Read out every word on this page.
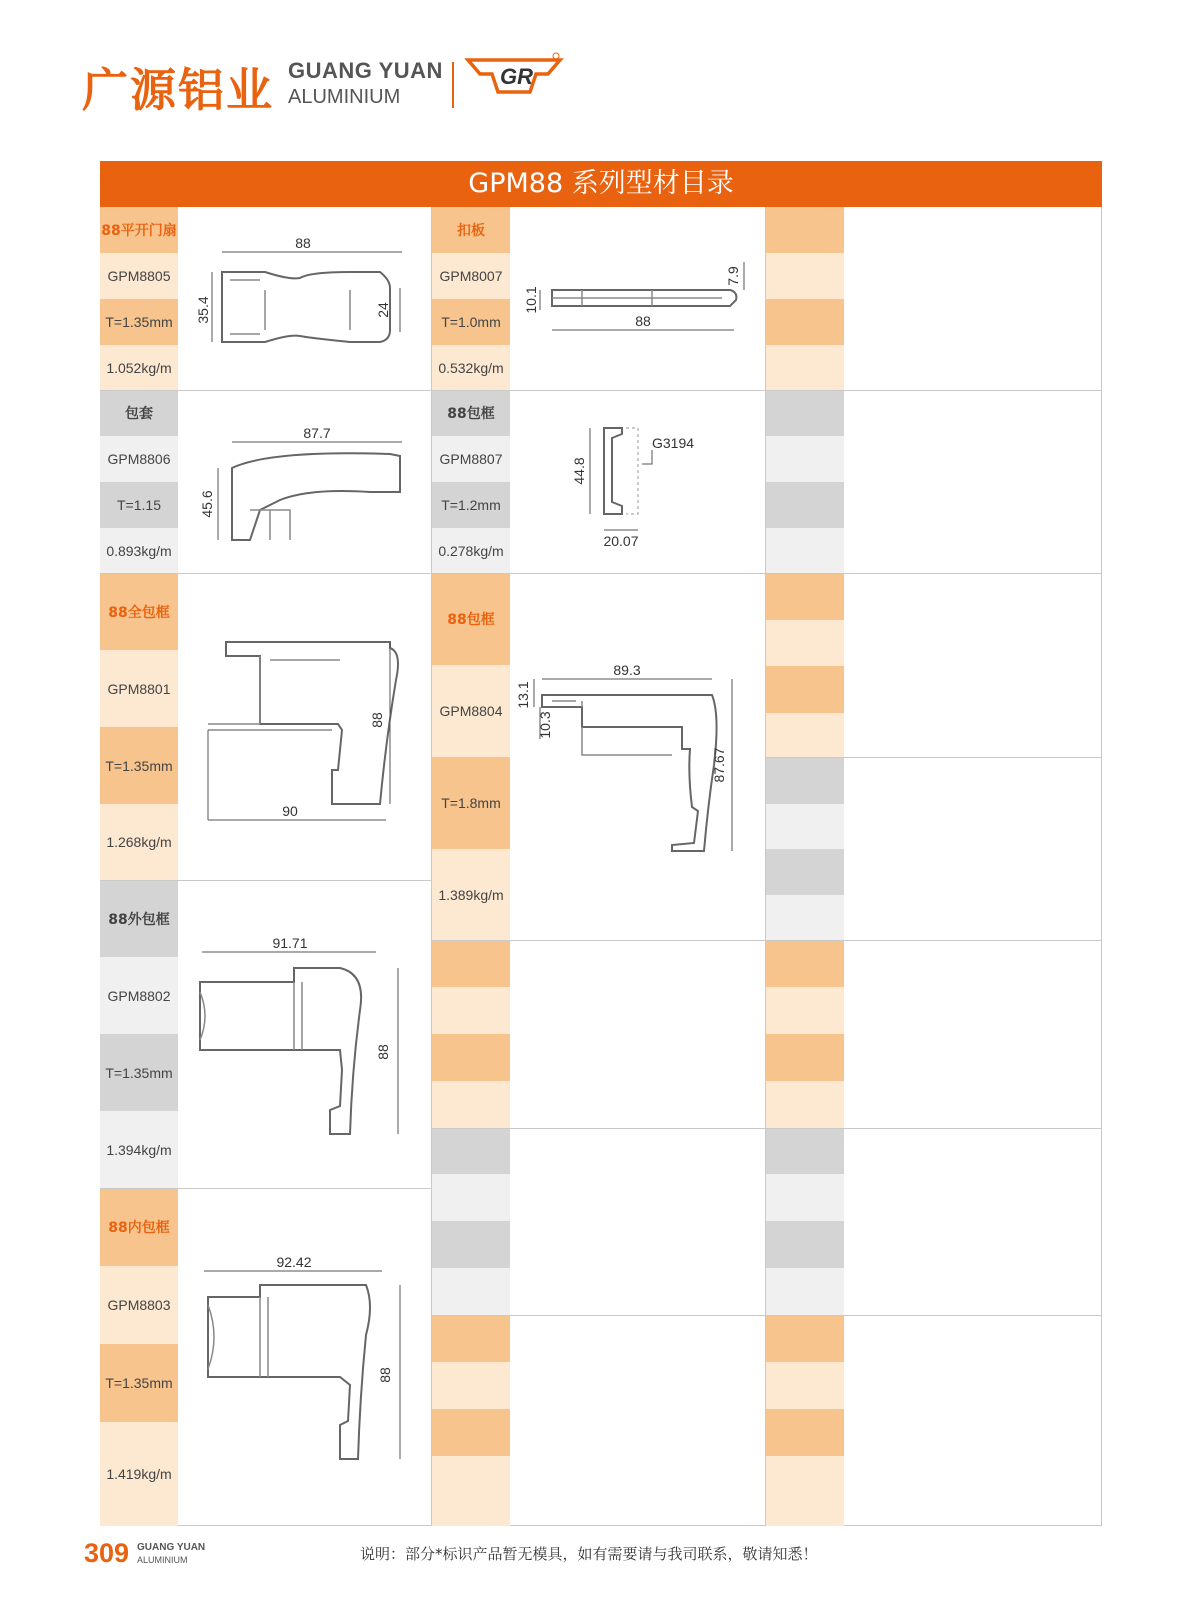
广源铝业 GUANG YUAN
ALUMINIUM
GR
GPM88 系列型材目录
88平开门扇
GPM8805
T=1.35mm
1.052kg/m
88
35.4	24
包套
GPM8806
T=1.15
0.893kg/m
87.7
45.6
88全包框
GPM8801
T=1.35mm
1.268kg/m
90
88
88外包框
GPM8802
T=1.35mm
1.394kg/m
91.71
88
88内包框
GPM8803
T=1.35mm
1.419kg/m
92.42
88
扣板
GPM8007
T=1.0mm
0.532kg/m
10.1
7.9
88
88包框
GPM8807
T=1.2mm
0.278kg/m
44.8
20.07
G3194
88包框
GPM8804
T=1.8mm
1.389kg/m
89.3
13.1
10.3
87.67
309 GUANG YUAN
ALUMINIUM	说明：部分*标识产品暂无模具，如有需要请与我司联系，敬请知悉！
